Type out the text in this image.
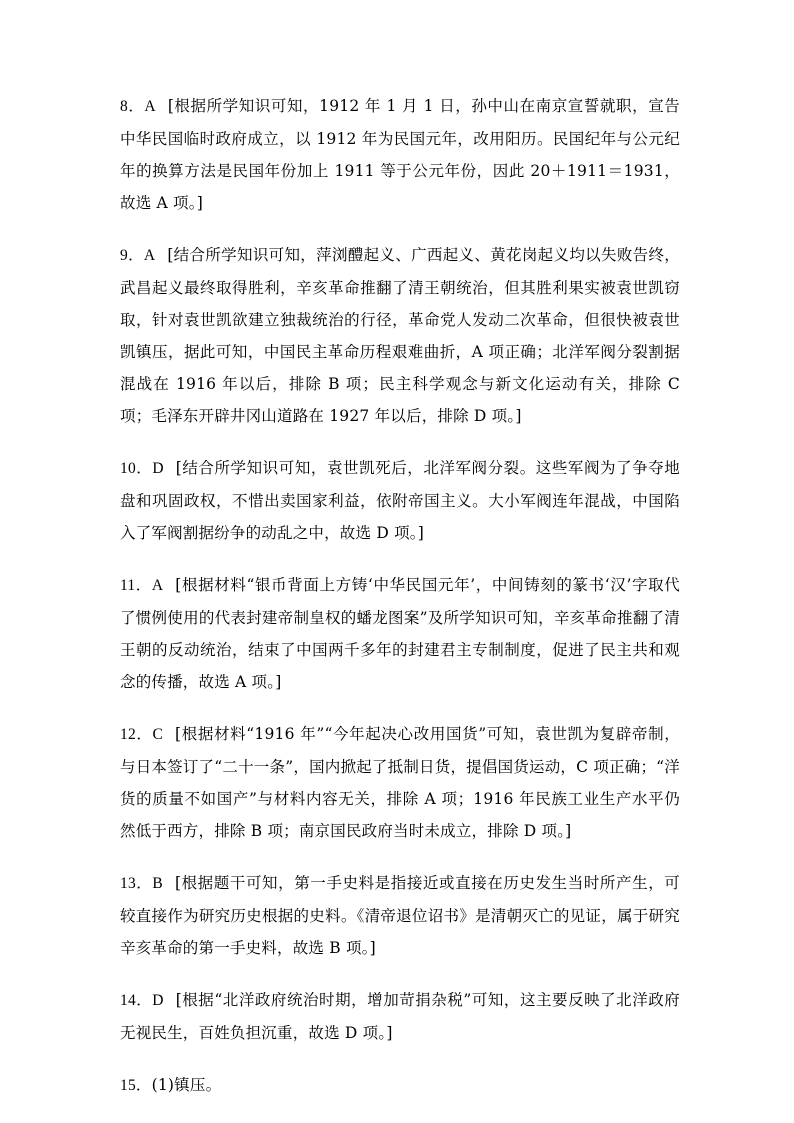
8．A [根据所学知识可知，1912 年 1 月 1 日，孙中山在南京宣誓就职，宣告中华民国临时政府成立，以 1912 年为民国元年，改用阳历。民国纪年与公元纪年的换算方法是民国年份加上 1911 等于公元年份，因此 20＋1911＝1931，故选 A 项。]

9．A [结合所学知识可知，萍浏醴起义、广西起义、黄花岗起义均以失败告终，武昌起义最终取得胜利，辛亥革命推翻了清王朝统治，但其胜利果实被袁世凯窃取，针对袁世凯欲建立独裁统治的行径，革命党人发动二次革命，但很快被袁世凯镇压，据此可知，中国民主革命历程艰难曲折，A 项正确；北洋军阀分裂割据混战在 1916 年以后，排除 B 项；民主科学观念与新文化运动有关，排除 C 项；毛泽东开辟井冈山道路在 1927 年以后，排除 D 项。]

10．D [结合所学知识可知，袁世凯死后，北洋军阀分裂。这些军阀为了争夺地盘和巩固政权，不惜出卖国家利益，依附帝国主义。大小军阀连年混战，中国陷入了军阀割据纷争的动乱之中，故选 D 项。]

11．A [根据材料“银币背面上方铸‘中华民国元年’，中间铸刻的篆书‘汉’字取代了惯例使用的代表封建帝制皇权的蟠龙图案”及所学知识可知，辛亥革命推翻了清王朝的反动统治，结束了中国两千多年的封建君主专制制度，促进了民主共和观念的传播，故选 A 项。]

12．C [根据材料“1916 年”“今年起决心改用国货”可知，袁世凯为复辟帝制，与日本签订了“二十一条”，国内掀起了抵制日货，提倡国货运动，C 项正确；“洋货的质量不如国产”与材料内容无关，排除 A 项；1916 年民族工业生产水平仍然低于西方，排除 B 项；南京国民政府当时未成立，排除 D 项。]

13．B [根据题干可知，第一手史料是指接近或直接在历史发生当时所产生，可较直接作为研究历史根据的史料。《清帝退位诏书》是清朝灭亡的见证，属于研究辛亥革命的第一手史料，故选 B 项。]

14．D [根据“北洋政府统治时期，增加苛捐杂税”可知，这主要反映了北洋政府无视民生，百姓负担沉重，故选 D 项。]

15．(1)镇压。
